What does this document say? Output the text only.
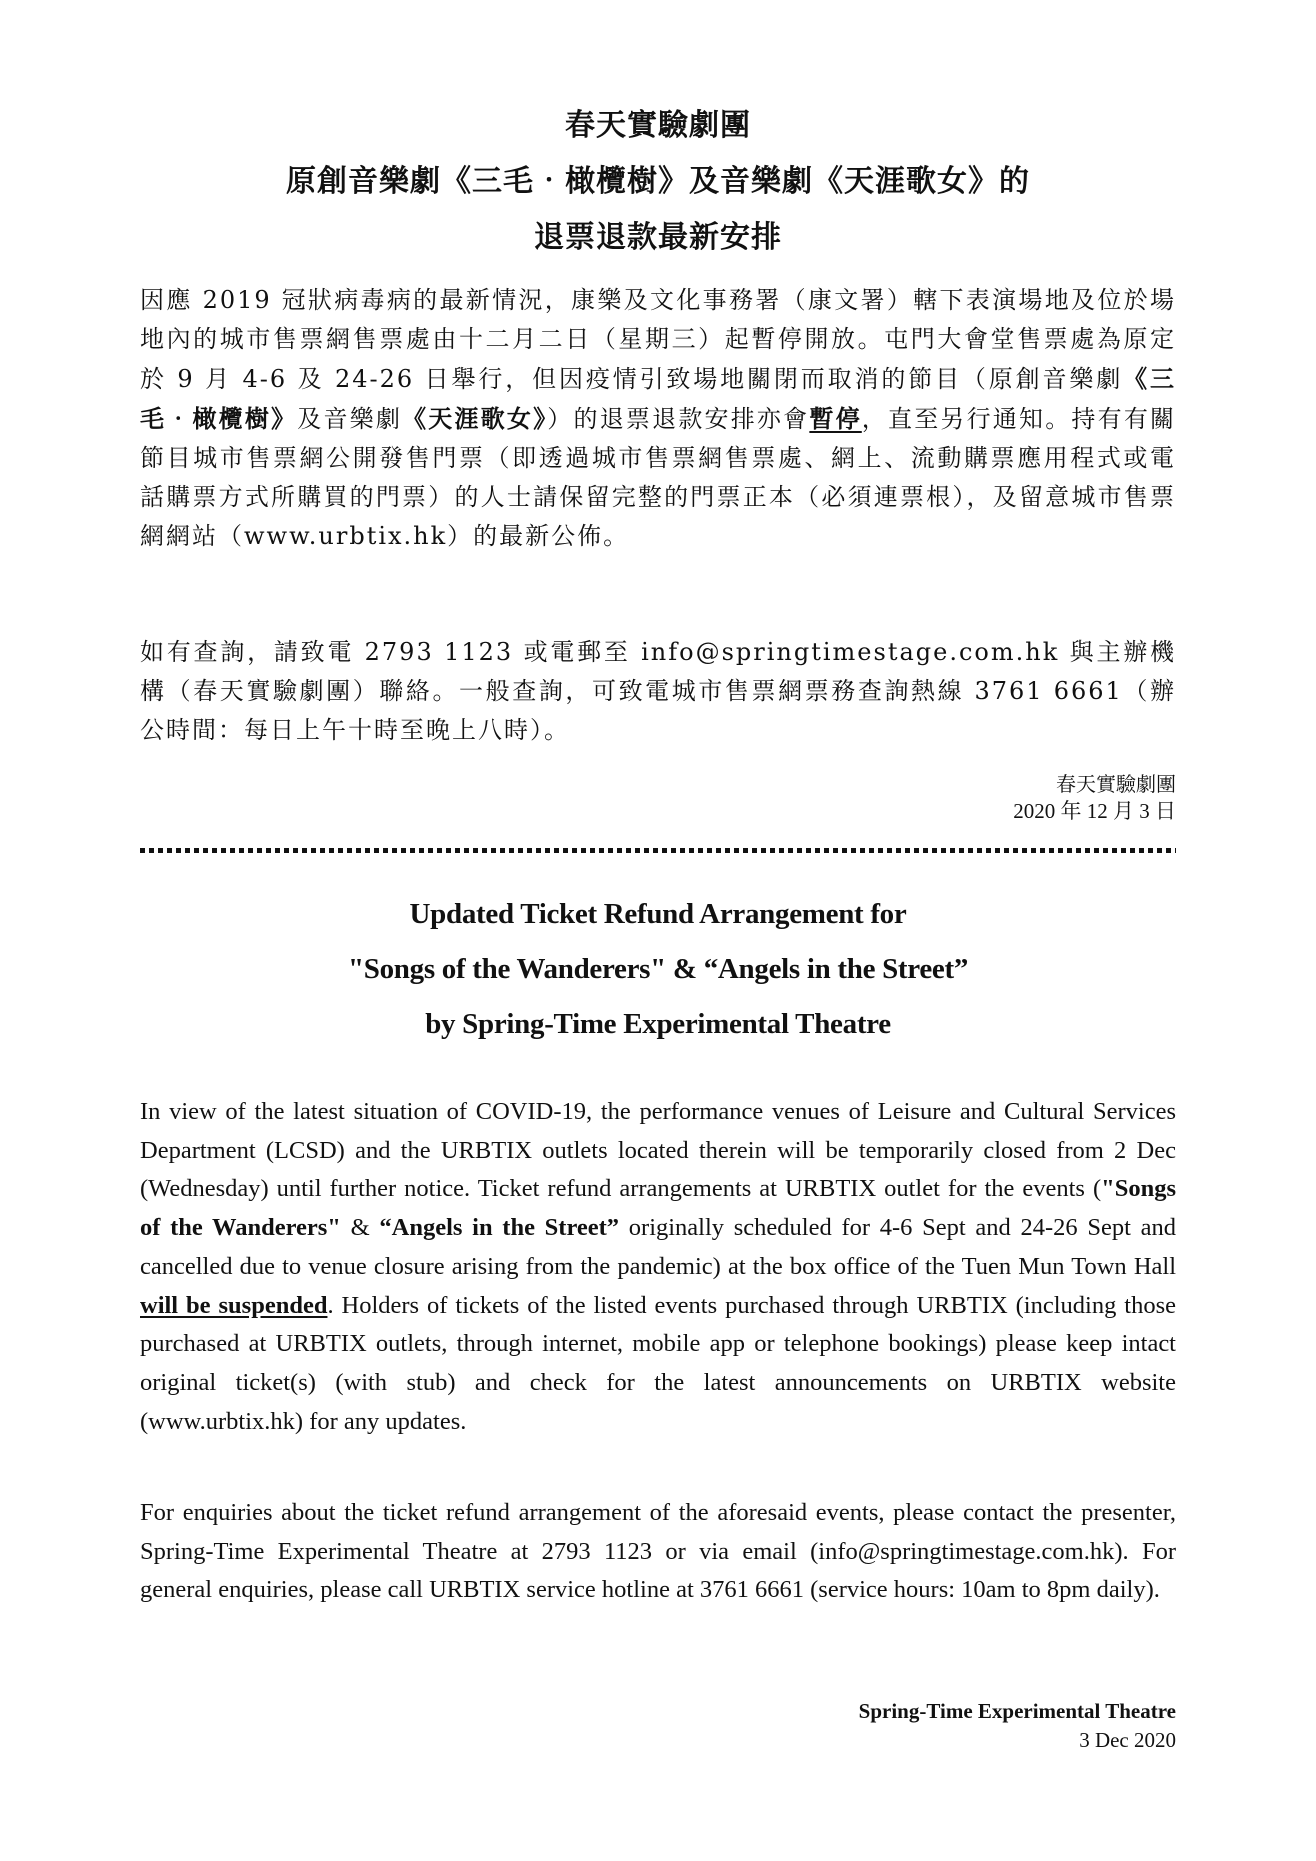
春天實驗劇團
原創音樂劇《三毛‧橄欖樹》及音樂劇《天涯歌女》的
退票退款最新安排

因應 2019 冠狀病毒病的最新情況，康樂及文化事務署（康文署）轄下表演場地及位於場地內的城市售票網售票處由十二月二日（星期三）起暫停開放。屯門大會堂售票處為原定於 9 月 4-6 及 24-26 日舉行，但因疫情引致場地關閉而取消的節目（原創音樂劇《三毛‧橄欖樹》及音樂劇《天涯歌女》）的退票退款安排亦會暫停，直至另行通知。持有有關節目城市售票網公開發售門票（即透過城市售票網售票處、網上、流動購票應用程式或電話購票方式所購買的門票）的人士請保留完整的門票正本（必須連票根），及留意城市售票網網站（www.urbtix.hk）的最新公佈。

如有查詢，請致電 2793 1123 或電郵至 info@springtimestage.com.hk 與主辦機構（春天實驗劇團）聯絡。一般查詢，可致電城市售票網票務查詢熱線 3761 6661（辦公時間：每日上午十時至晚上八時）。

春天實驗劇團
2020 年 12 月 3 日
Updated Ticket Refund Arrangement for
"Songs of the Wanderers" & “Angels in the Street”
by Spring-Time Experimental Theatre

In view of the latest situation of COVID-19, the performance venues of Leisure and Cultural Services Department (LCSD) and the URBTIX outlets located therein will be temporarily closed from 2 Dec (Wednesday) until further notice. Ticket refund arrangements at URBTIX outlet for the events ("Songs of the Wanderers" & “Angels in the Street” originally scheduled for 4-6 Sept and 24-26 Sept and cancelled due to venue closure arising from the pandemic) at the box office of the Tuen Mun Town Hall will be suspended. Holders of tickets of the listed events purchased through URBTIX (including those purchased at URBTIX outlets, through internet, mobile app or telephone bookings) please keep intact original ticket(s) (with stub) and check for the latest announcements on URBTIX website (www.urbtix.hk) for any updates.

For enquiries about the ticket refund arrangement of the aforesaid events, please contact the presenter, Spring-Time Experimental Theatre at 2793 1123 or via email (info@springtimestage.com.hk). For general enquiries, please call URBTIX service hotline at 3761 6661 (service hours: 10am to 8pm daily).

Spring-Time Experimental Theatre
3 Dec 2020
